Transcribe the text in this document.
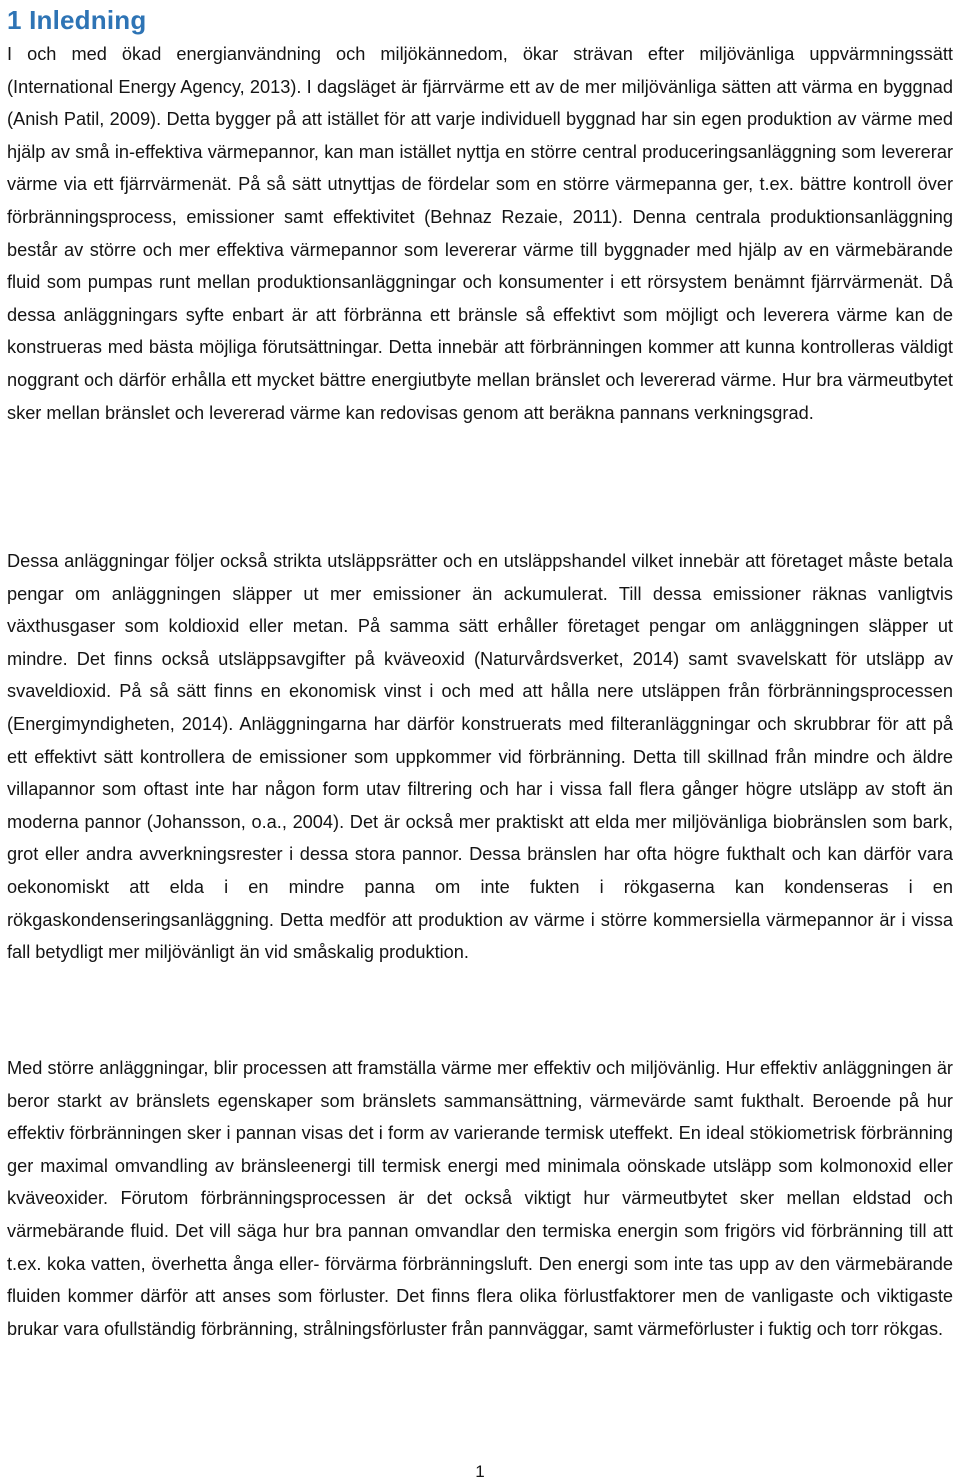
1 Inledning

I och med ökad energianvändning och miljökännedom, ökar strävan efter miljövänliga uppvärmningssätt (International Energy Agency, 2013). I dagsläget är fjärrvärme ett av de mer miljövänliga sätten att värma en byggnad (Anish Patil, 2009). Detta bygger på att istället för att varje individuell byggnad har sin egen produktion av värme med hjälp av små in-effektiva värmepannor, kan man istället nyttja en större central produceringsanläggning som levererar värme via ett fjärrvärmenät. På så sätt utnyttjas de fördelar som en större värmepanna ger, t.ex. bättre kontroll över förbränningsprocess, emissioner samt effektivitet (Behnaz Rezaie, 2011). Denna centrala produktionsanläggning består av större och mer effektiva värmepannor som levererar värme till byggnader med hjälp av en värmebärande fluid som pumpas runt mellan produktionsanläggningar och konsumenter i ett rörsystem benämnt fjärrvärmenät. Då dessa anläggningars syfte enbart är att förbränna ett bränsle så effektivt som möjligt och leverera värme kan de konstrueras med bästa möjliga förutsättningar. Detta innebär att förbränningen kommer att kunna kontrolleras väldigt noggrant och därför erhålla ett mycket bättre energiutbyte mellan bränslet och levererad värme. Hur bra värmeutbytet sker mellan bränslet och levererad värme kan redovisas genom att beräkna pannans verkningsgrad.

Dessa anläggningar följer också strikta utsläppsrätter och en utsläppshandel vilket innebär att företaget måste betala pengar om anläggningen släpper ut mer emissioner än ackumulerat. Till dessa emissioner räknas vanligtvis växthusgaser som koldioxid eller metan. På samma sätt erhåller företaget pengar om anläggningen släpper ut mindre. Det finns också utsläppsavgifter på kväveoxid (Naturvårdsverket, 2014) samt svavelskatt för utsläpp av svaveldioxid. På så sätt finns en ekonomisk vinst i och med att hålla nere utsläppen från förbränningsprocessen (Energimyndigheten, 2014). Anläggningarna har därför konstruerats med filteranläggningar och skrubbrar för att på ett effektivt sätt kontrollera de emissioner som uppkommer vid förbränning. Detta till skillnad från mindre och äldre villapannor som oftast inte har någon form utav filtrering och har i vissa fall flera gånger högre utsläpp av stoft än moderna pannor (Johansson, o.a., 2004). Det är också mer praktiskt att elda mer miljövänliga biobränslen som bark, grot eller andra avverkningsrester i dessa stora pannor. Dessa bränslen har ofta högre fukthalt och kan därför vara oekonomiskt att elda i en mindre panna om inte fukten i rökgaserna kan kondenseras i en rökgaskondenseringsanläggning. Detta medför att produktion av värme i större kommersiella värmepannor är i vissa fall betydligt mer miljövänligt än vid småskalig produktion.

Med större anläggningar, blir processen att framställa värme mer effektiv och miljövänlig. Hur effektiv anläggningen är beror starkt av bränslets egenskaper som bränslets sammansättning, värmevärde samt fukthalt. Beroende på hur effektiv förbränningen sker i pannan visas det i form av varierande termisk uteffekt. En ideal stökiometrisk förbränning ger maximal omvandling av bränsleenergi till termisk energi med minimala oönskade utsläpp som kolmonoxid eller kväveoxider. Förutom förbränningsprocessen är det också viktigt hur värmeutbytet sker mellan eldstad och värmebärande fluid. Det vill säga hur bra pannan omvandlar den termiska energin som frigörs vid förbränning till att t.ex. koka vatten, överhetta ånga eller- förvärma förbränningsluft. Den energi som inte tas upp av den värmebärande fluiden kommer därför att anses som förluster. Det finns flera olika förlustfaktorer men de vanligaste och viktigaste brukar vara ofullständig förbränning, strålningsförluster från pannväggar, samt värmeförluster i fuktig och torr rökgas.

1
